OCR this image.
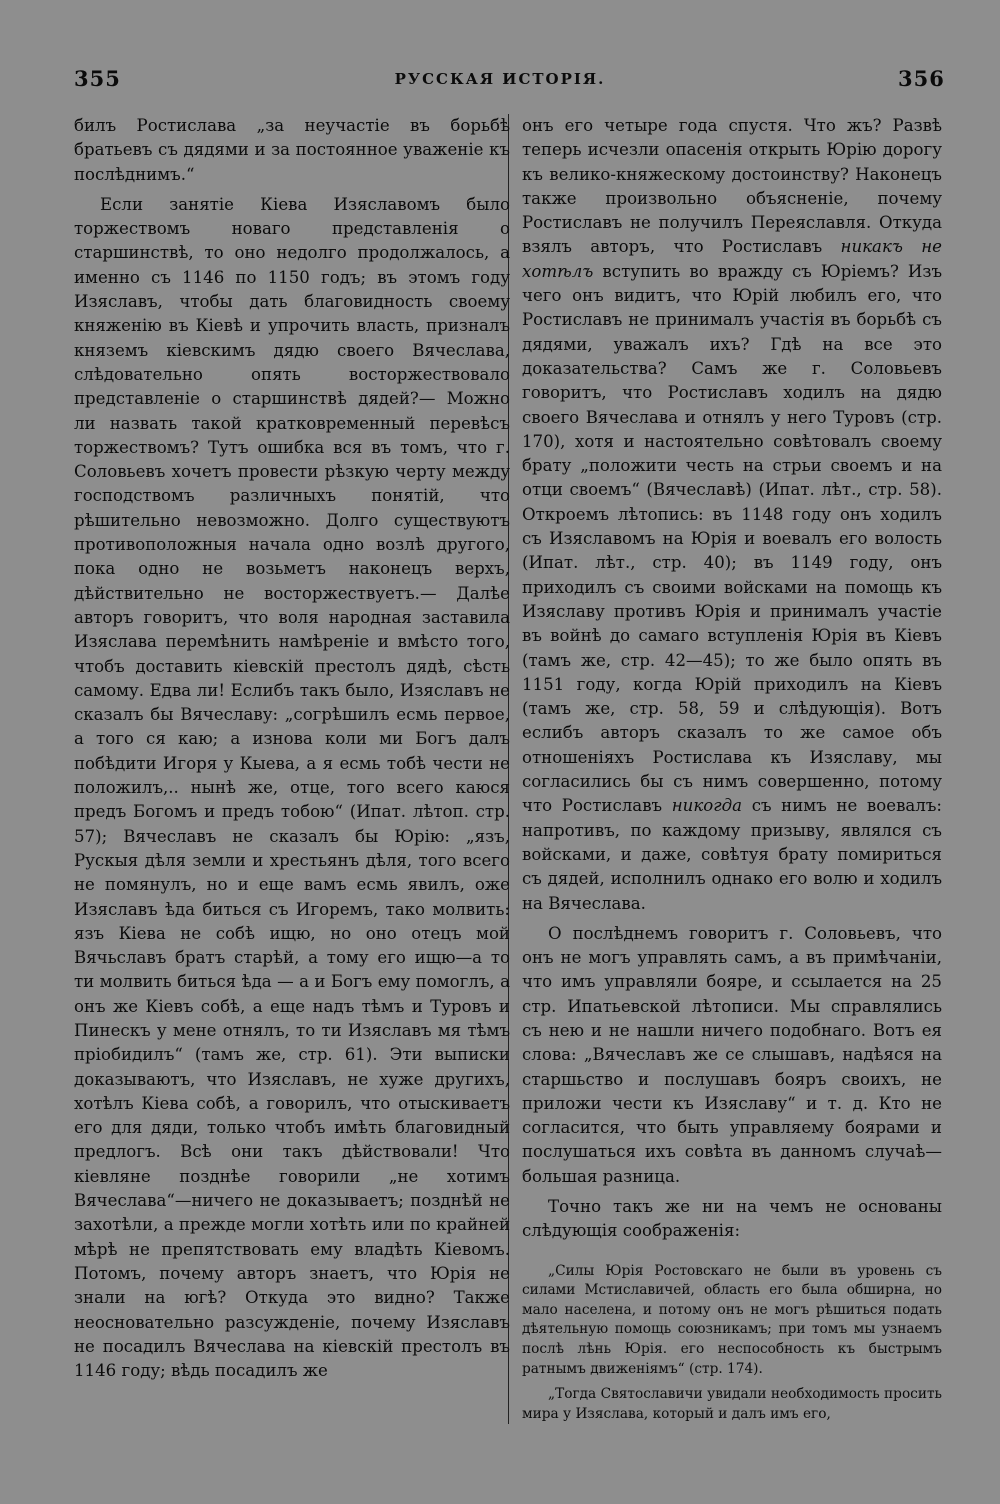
355	РУССКАЯ ИСТОРІЯ.	356

билъ Ростислава „за неучастіе въ борьбѣ братьевъ съ дядями и за постоянное уваженіе къ послѣднимъ.“

Если занятіе Кіева Изяславомъ было торжествомъ новаго представленія о старшинствѣ, то оно недолго продолжалось, а именно съ 1146 по 1150 годъ; въ этомъ году Изяславъ, чтобы дать благовидность своему княженію въ Кіевѣ и упрочить власть, призналъ княземъ кіевскимъ дядю своего Вячеслава, слѣдовательно опять восторжествовало представленіе о старшинствѣ дядей?— Можно ли назвать такой кратковременный перевѣсъ торжествомъ? Тутъ ошибка вся въ томъ, что г. Соловьевъ хочетъ провести рѣзкую черту между господствомъ различныхъ понятій, что рѣшительно невозможно. Долго существуютъ противоположныя начала одно возлѣ другого, пока одно не возьметъ наконецъ верхъ, дѣйствительно не восторжествуетъ.— Далѣе авторъ говоритъ, что воля народная заставила Изяслава перемѣнить намѣреніе и вмѣсто того, чтобъ доставить кіевскій престолъ дядѣ, сѣсть самому. Едва ли! Еслибъ такъ было, Изяславъ не сказалъ бы Вячеславу: „согрѣшилъ есмь первое, а того ся каю; а изнова коли ми Богъ далъ побѣдити Игоря у Кыева, а я есмь тобѣ чести не положилъ,.. нынѣ же, отце, того всего каюся предъ Богомъ и предъ тобою“ (Ипат. лѣтоп. стр. 57); Вячеславъ не сказалъ бы Юрію: „язъ, Рускыя дѣля земли и хрестьянъ дѣля, того всего не помянулъ, но и еще вамъ есмь явилъ, оже Изяславъ ѣда биться съ Игоремъ, тако молвить: язъ Кіева не собѣ ищю, но оно отецъ мой Вячьславъ братъ старѣй, а тому его ищю—а то ти молвить биться ѣда — а и Богъ ему помоглъ, а онъ же Кіевъ собѣ, а еще надъ тѣмъ и Туровъ и Пинескъ у мене отнялъ, то ти Изяславъ мя тѣмъ пріобидилъ“ (тамъ же, стр. 61). Эти выписки доказываютъ, что Изяславъ, не хуже другихъ, хотѣлъ Кіева собѣ, а говорилъ, что отыскиваетъ его для дяди, только чтобъ имѣть благовидный предлогъ. Всѣ они такъ дѣйствовали! Что кіевляне позднѣе говорили „не хотимъ Вячеслава“—ничего не доказываетъ; позднѣй не захотѣли, а прежде могли хотѣть или по крайней мѣрѣ не препятствовать ему владѣть Кіевомъ. Потомъ, почему авторъ знаетъ, что Юрія не знали на югѣ? Откуда это видно? Также неосновательно разсужденіе, почему Изяславъ не посадилъ Вячеслава на кіевскій престолъ въ 1146 году; вѣдь посадилъ же

онъ его четыре года спустя. Что жъ? Развѣ теперь исчезли опасенія открыть Юрію дорогу къ велико-княжескому достоинству? Наконецъ также произвольно объясненіе, почему Ростиславъ не получилъ Переяславля. Откуда взялъ авторъ, что Ростиславъ никакъ не хотѣлъ вступить во вражду съ Юріемъ? Изъ чего онъ видитъ, что Юрій любилъ его, что Ростиславъ не принималъ участія въ борьбѣ съ дядями, уважалъ ихъ? Гдѣ на все это доказательства? Самъ же г. Соловьевъ говоритъ, что Ростиславъ ходилъ на дядю своего Вячеслава и отнялъ у него Туровъ (стр. 170), хотя и настоятельно совѣтовалъ своему брату „положити честь на стрьи своемъ и на отци своемъ“ (Вячеславѣ) (Ипат. лѣт., стр. 58). Откроемъ лѣтопись: въ 1148 году онъ ходилъ съ Изяславомъ на Юрія и воевалъ его волость (Ипат. лѣт., стр. 40); въ 1149 году, онъ приходилъ съ своими войсками на помощь къ Изяславу противъ Юрія и принималъ участіе въ войнѣ до самаго вступленія Юрія въ Кіевъ (тамъ же, стр. 42—45); то же было опять въ 1151 году, когда Юрій приходилъ на Кіевъ (тамъ же, стр. 58, 59 и слѣдующія). Вотъ еслибъ авторъ сказалъ то же самое объ отношеніяхъ Ростислава къ Изяславу, мы согласились бы съ нимъ совершенно, потому что Ростиславъ никогда съ нимъ не воевалъ: напротивъ, по каждому призыву, являлся съ войсками, и даже, совѣтуя брату помириться съ дядей, исполнилъ однако его волю и ходилъ на Вячеслава.

О послѣднемъ говоритъ г. Соловьевъ, что онъ не могъ управлять самъ, а въ примѣчаніи, что имъ управляли бояре, и ссылается на 25 стр. Ипатьевской лѣтописи. Мы справлялись съ нею и не нашли ничего подобнаго. Вотъ ея слова: „Вячеславъ же се слышавъ, надѣяся на старшьство и послушавъ бояръ своихъ, не приложи чести къ Изяславу“ и т. д. Кто не согласится, что быть управляему боярами и послушаться ихъ совѣта въ данномъ случаѣ—большая разница.

Точно такъ же ни на чемъ не основаны слѣдующія соображенія:

„Силы Юрія Ростовскаго не были въ уровень съ силами Мстиславичей, область его была обширна, но мало населена, и потому онъ не могъ рѣшиться подать дѣятельную помощь союзникамъ; при томъ мы узнаемъ послѣ лѣнь Юрія. его неспособность къ быстрымъ ратнымъ движеніямъ“ (стр. 174).

„Тогда Святославичи увидали необходимость просить мира у Изяслава, который и далъ имъ его,
